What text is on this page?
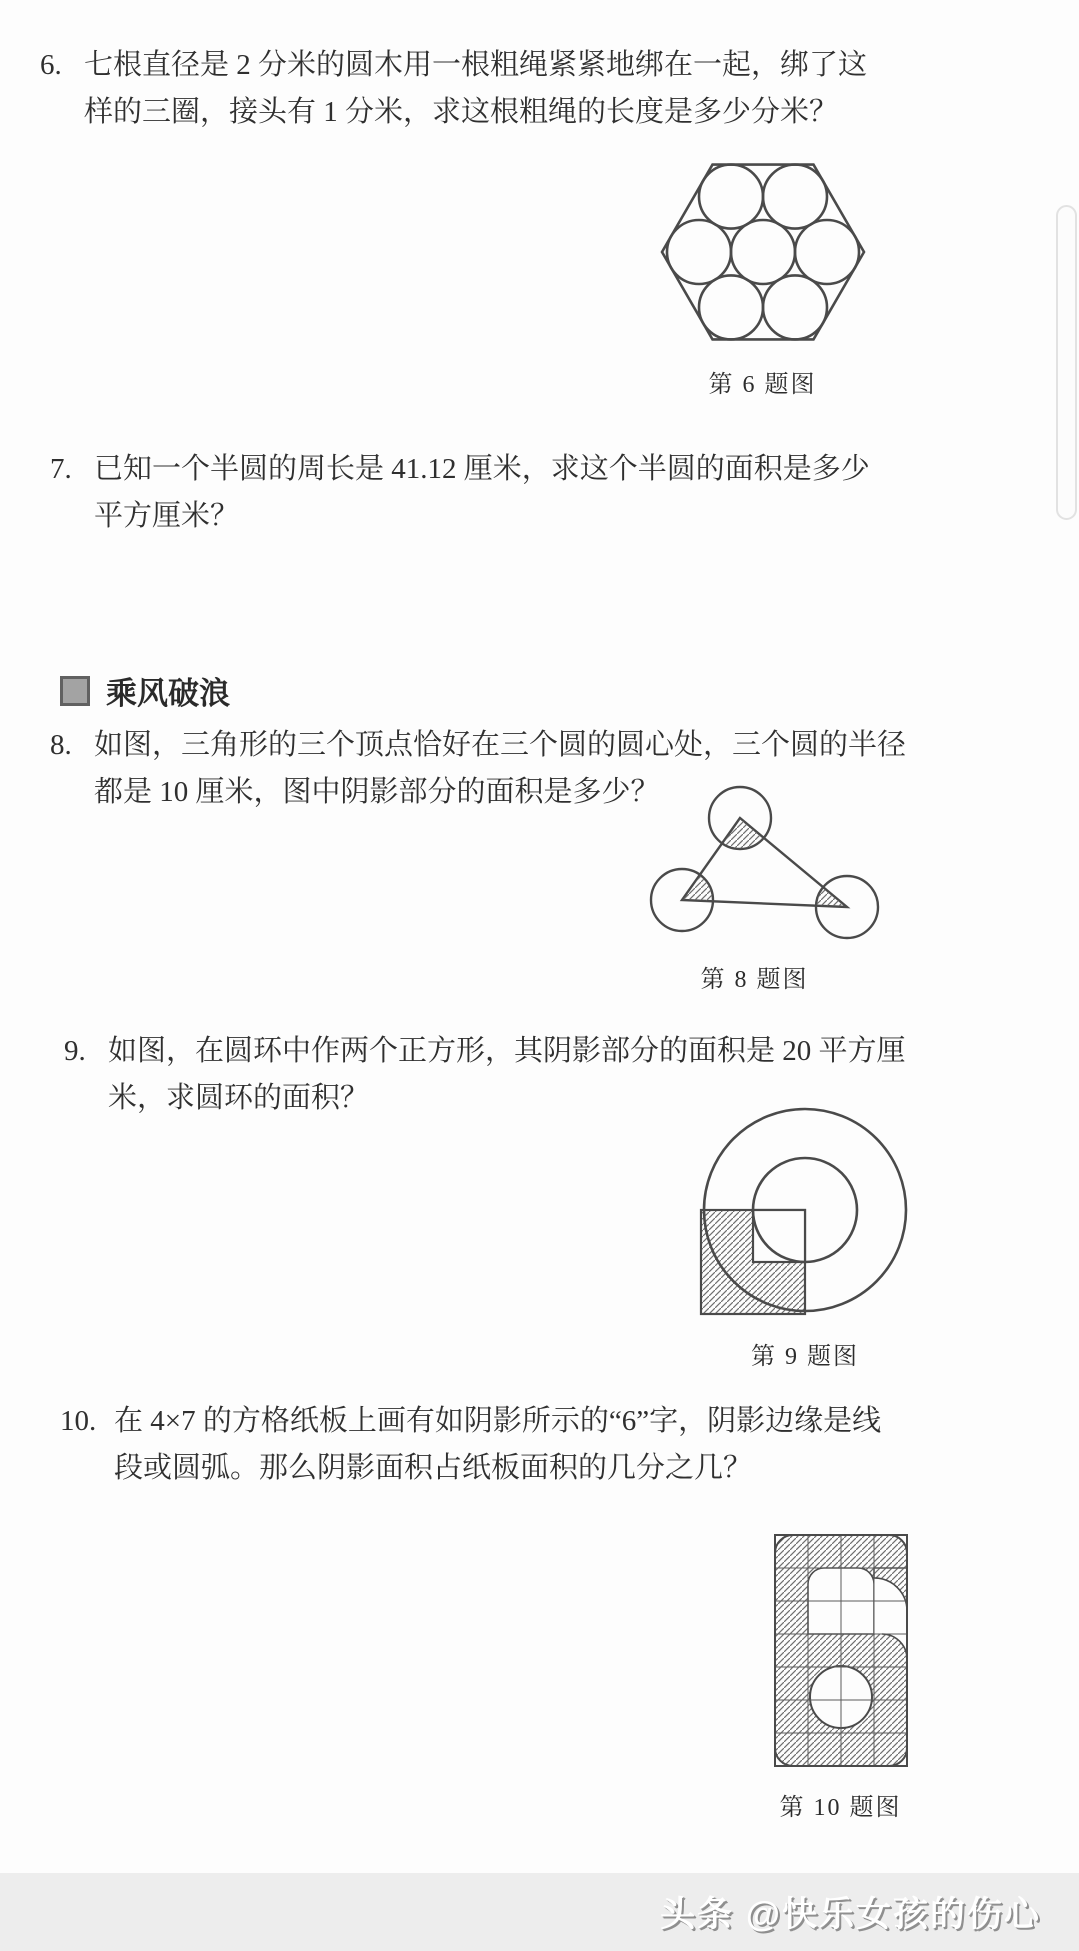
6. 七根直径是 2 分米的圆木用一根粗绳紧紧地绑在一起，绑了这
样的三圈，接头有 1 分米，求这根粗绳的长度是多少分米？
第 6 题图
7. 已知一个半圆的周长是 41.12 厘米，求这个半圆的面积是多少
平方厘米？
乘风破浪
8. 如图，三角形的三个顶点恰好在三个圆的圆心处，三个圆的半径
都是 10 厘米，图中阴影部分的面积是多少？
第 8 题图
9. 如图，在圆环中作两个正方形，其阴影部分的面积是 20 平方厘
米，求圆环的面积？
第 9 题图
10. 在 4×7 的方格纸板上画有如阴影所示的“6”字，阴影边缘是线
段或圆弧。那么阴影面积占纸板面积的几分之几？
第 10 题图
头条 @快乐女孩的伤心
